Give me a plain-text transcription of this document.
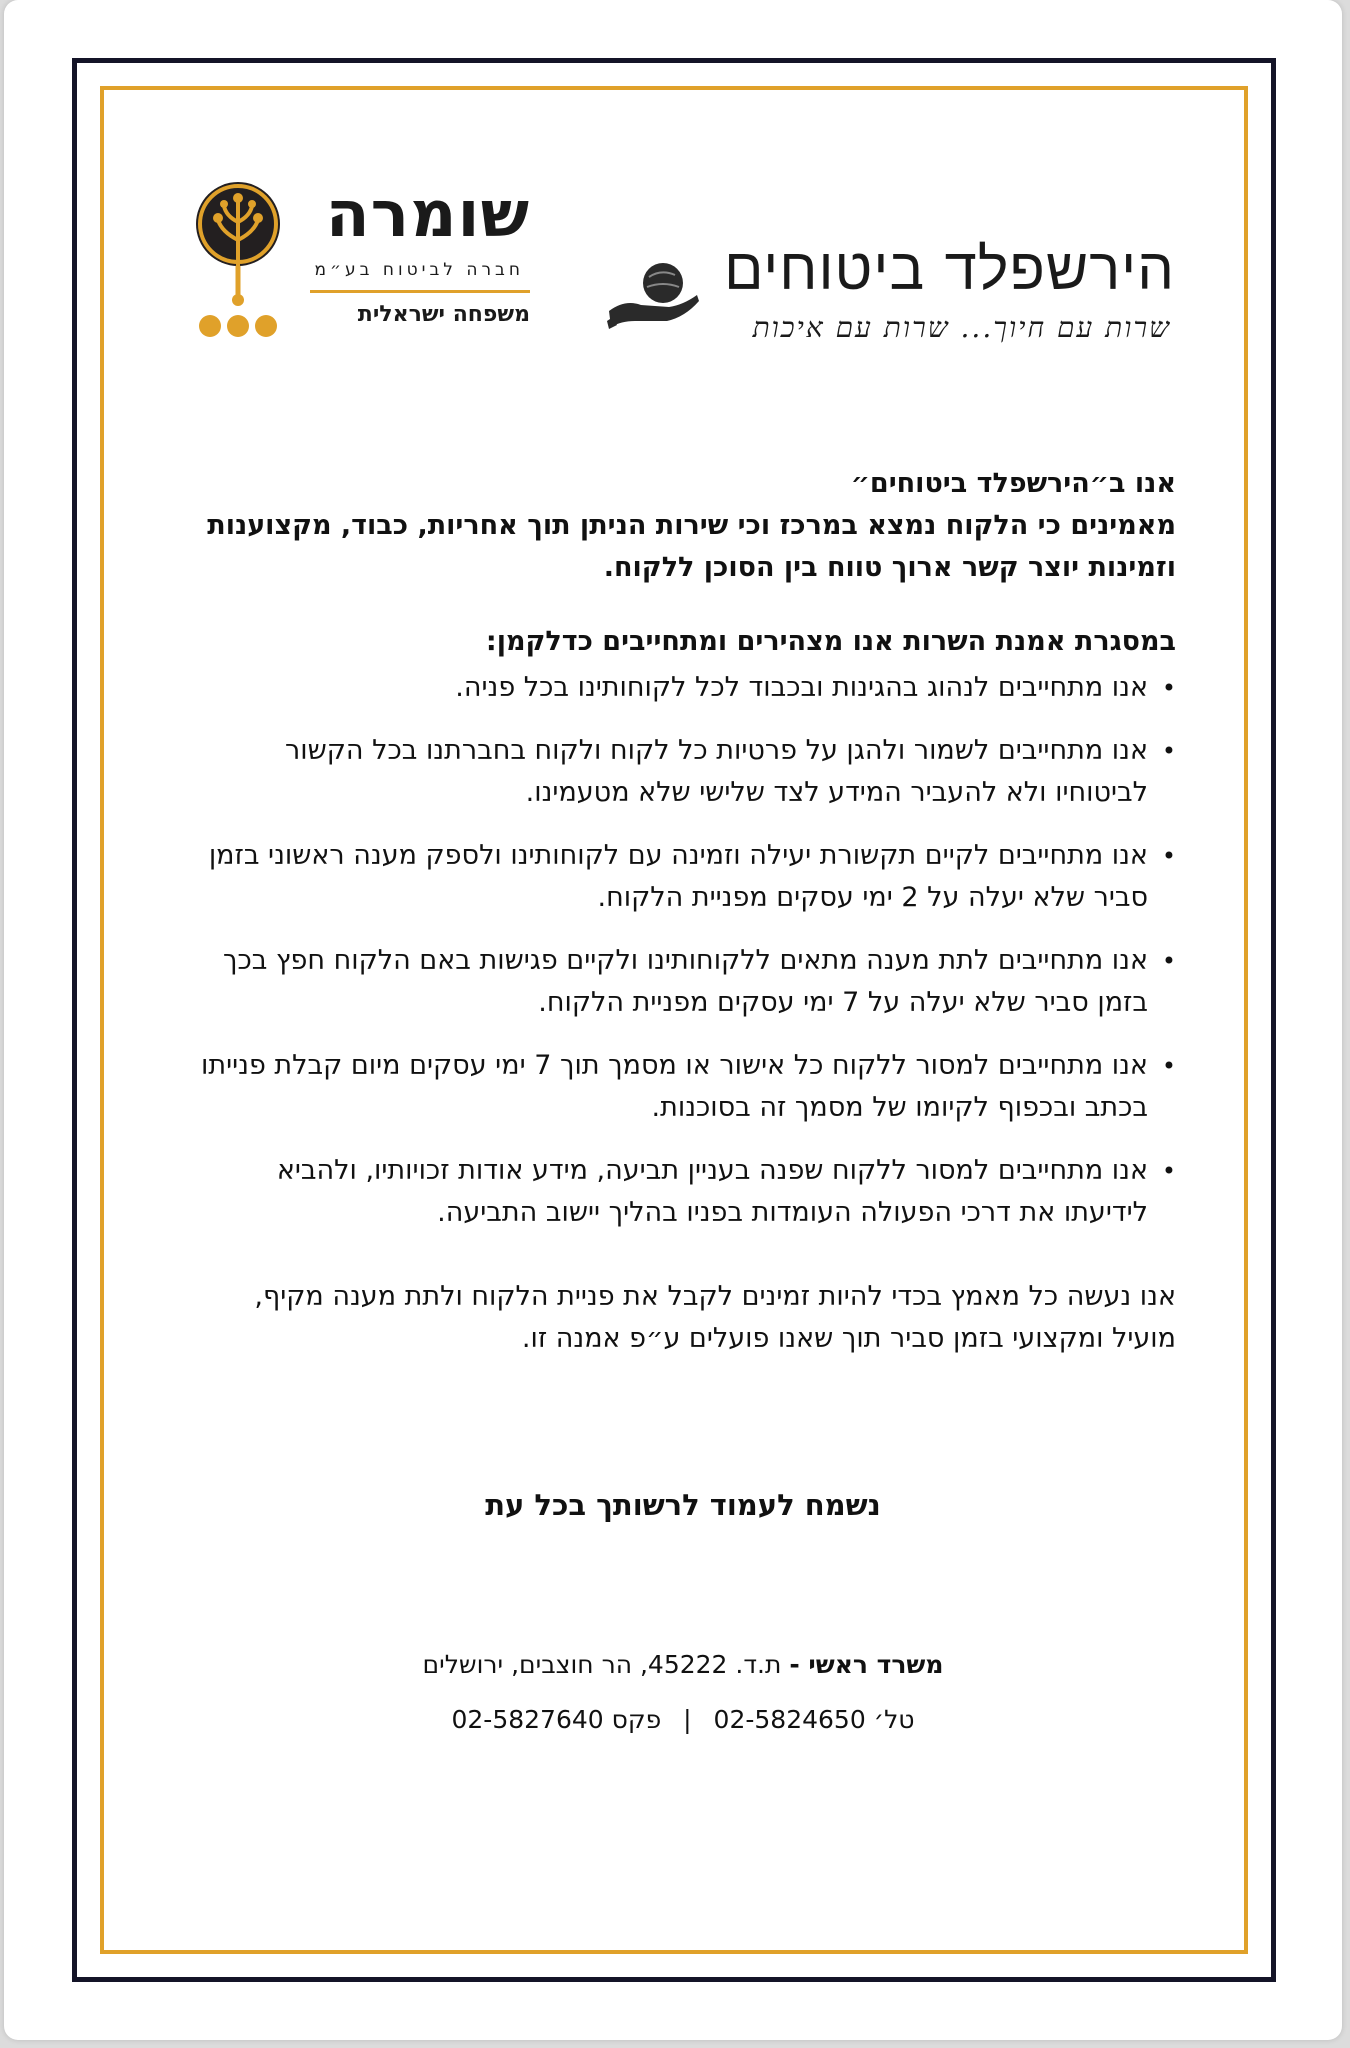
הירשפלד ביטוחים
שרות עם חיוך... שרות עם איכות
שומרה
חברה לביטוח בע״מ
משפחה ישראלית

אנו ב״הירשפלד ביטוחים״

מאמינים כי הלקוח נמצא במרכז וכי שירות הניתן תוך אחריות, כבוד, מקצוענות וזמינות יוצר קשר ארוך טווח בין הסוכן ללקוח.

במסגרת אמנת השרות אנו מצהירים ומתחייבים כדלקמן:

•
אנו מתחייבים לנהוג בהגינות ובכבוד לכל לקוחותינו בכל פניה.
•
אנו מתחייבים לשמור ולהגן על פרטיות כל לקוח ולקוח בחברתנו בכל הקשור לביטוחיו ולא להעביר המידע לצד שלישי שלא מטעמינו.
•
אנו מתחייבים לקיים תקשורת יעילה וזמינה עם לקוחותינו ולספק מענה ראשוני בזמן סביר שלא יעלה על 2 ימי עסקים מפניית הלקוח.
•
אנו מתחייבים לתת מענה מתאים ללקוחותינו ולקיים פגישות באם הלקוח חפץ בכך בזמן סביר שלא יעלה על 7 ימי עסקים מפניית הלקוח.
•
אנו מתחייבים למסור ללקוח כל אישור או מסמך תוך 7 ימי עסקים מיום קבלת פנייתו בכתב ובכפוף לקיומו של מסמך זה בסוכנות.
•
אנו מתחייבים למסור ללקוח שפנה בעניין תביעה, מידע אודות זכויותיו, ולהביא לידיעתו את דרכי הפעולה העומדות בפניו בהליך יישוב התביעה.

אנו נעשה כל מאמץ בכדי להיות זמינים לקבל את פניית הלקוח ולתת מענה מקיף, מועיל ומקצועי בזמן סביר תוך שאנו פועלים ע״פ אמנה זו.

נשמח לעמוד לרשותך בכל עת
משרד ראשי - ת.ד. 45222, הר חוצבים, ירושלים
טל׳ 02-5824650 | פקס 02-5827640
